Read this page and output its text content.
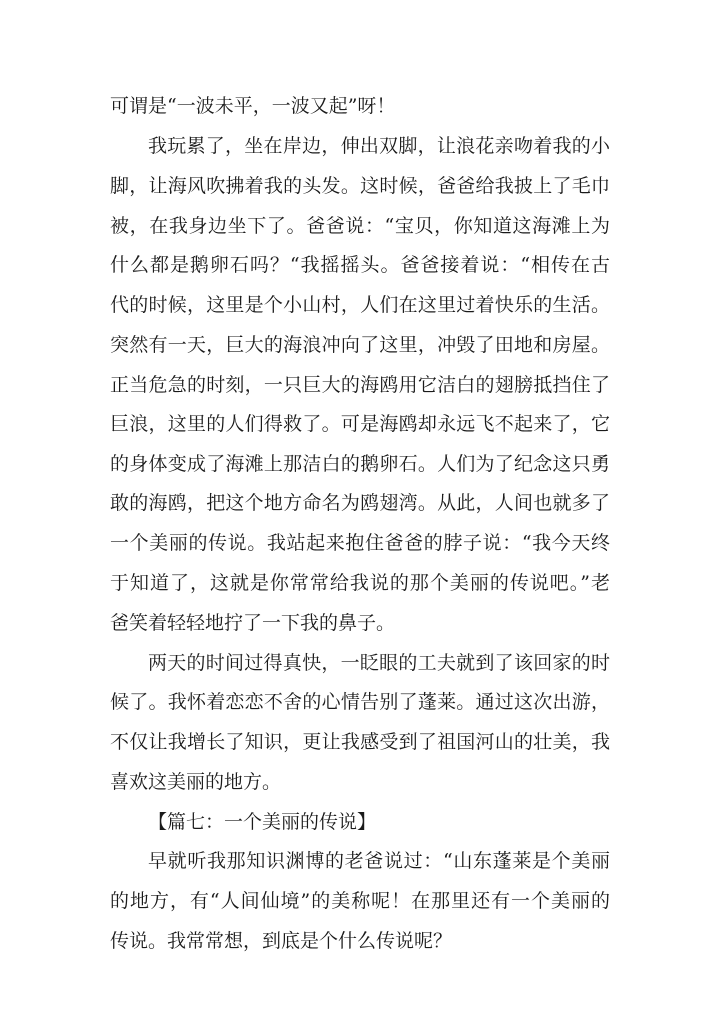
可谓是“一波未平，一波又起”呀！
我玩累了，坐在岸边，伸出双脚，让浪花亲吻着我的小
脚，让海风吹拂着我的头发。这时候，爸爸给我披上了毛巾
被，在我身边坐下了。爸爸说：“宝贝，你知道这海滩上为
什么都是鹅卵石吗？“我摇摇头。爸爸接着说：“相传在古
代的时候，这里是个小山村，人们在这里过着快乐的生活。
突然有一天，巨大的海浪冲向了这里，冲毁了田地和房屋。
正当危急的时刻，一只巨大的海鸥用它洁白的翅膀抵挡住了
巨浪，这里的人们得救了。可是海鸥却永远飞不起来了，它
的身体变成了海滩上那洁白的鹅卵石。人们为了纪念这只勇
敢的海鸥，把这个地方命名为鸥翅湾。从此，人间也就多了
一个美丽的传说。我站起来抱住爸爸的脖子说：“我今天终
于知道了，这就是你常常给我说的那个美丽的传说吧。”老
爸笑着轻轻地拧了一下我的鼻子。
两天的时间过得真快，一眨眼的工夫就到了该回家的时
候了。我怀着恋恋不舍的心情告别了蓬莱。通过这次出游，
不仅让我增长了知识，更让我感受到了祖国河山的壮美，我
喜欢这美丽的地方。
【篇七：一个美丽的传说】
早就听我那知识渊博的老爸说过：“山东蓬莱是个美丽
的地方，有“人间仙境”的美称呢！在那里还有一个美丽的
传说。我常常想，到底是个什么传说呢？
